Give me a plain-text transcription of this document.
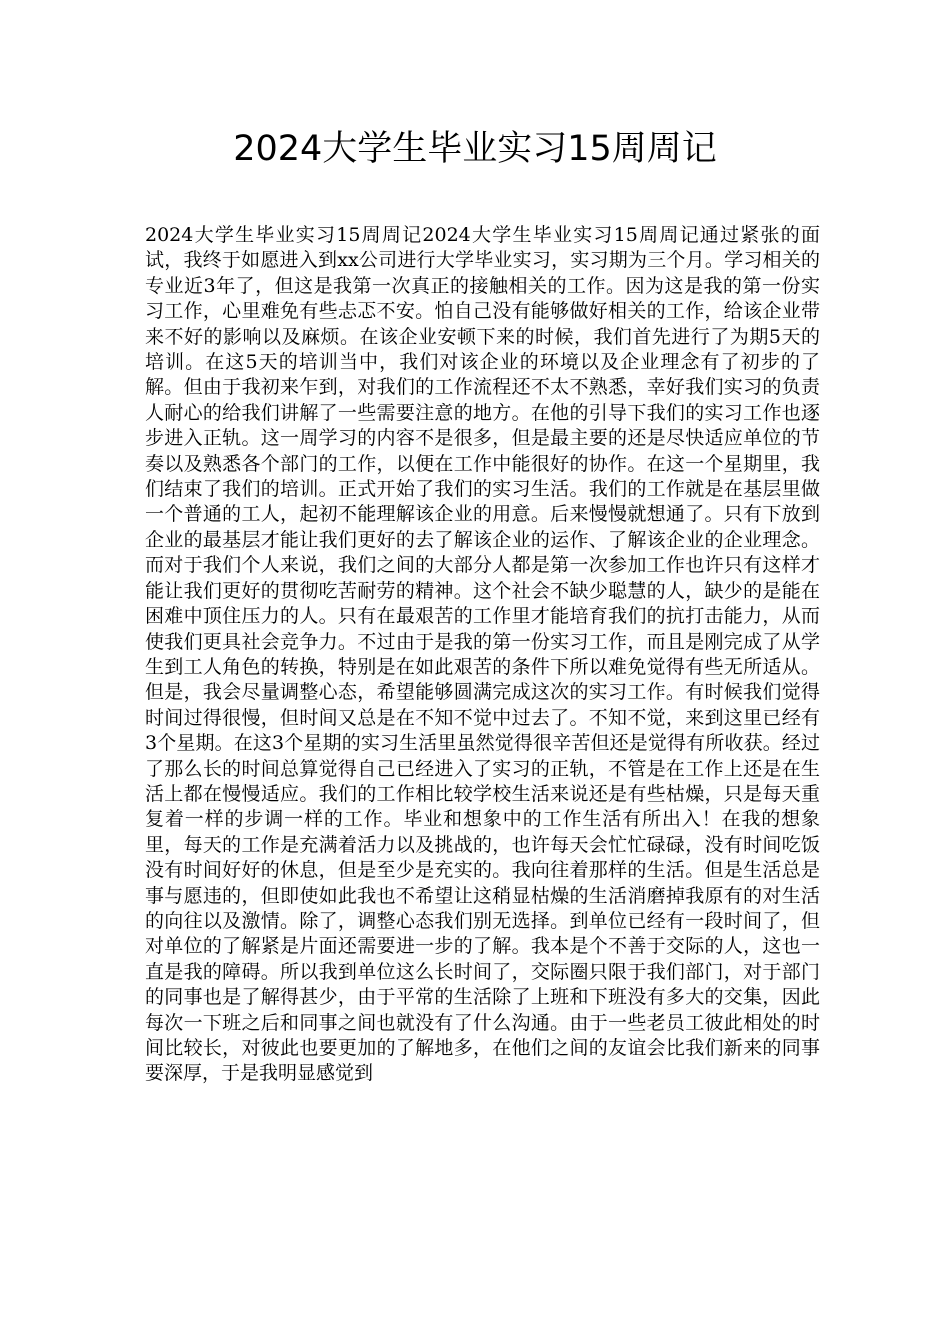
2024大学生毕业实习15周周记

2024大学生毕业实习15周周记2024大学生毕业实习15周周记通过紧张的面试，我终于如愿进入到xx公司进行大学毕业实习，实习期为三个月。学习相关的专业近3年了，但这是我第一次真正的接触相关的工作。因为这是我的第一份实习工作，心里难免有些忐忑不安。怕自己没有能够做好相关的工作，给该企业带来不好的影响以及麻烦。在该企业安顿下来的时候，我们首先进行了为期5天的培训。在这5天的培训当中，我们对该企业的环境以及企业理念有了初步的了解。但由于我初来乍到，对我们的工作流程还不太不熟悉，幸好我们实习的负责人耐心的给我们讲解了一些需要注意的地方。在他的引导下我们的实习工作也逐步进入正轨。这一周学习的内容不是很多，但是最主要的还是尽快适应单位的节奏以及熟悉各个部门的工作，以便在工作中能很好的协作。在这一个星期里，我们结束了我们的培训。正式开始了我们的实习生活。我们的工作就是在基层里做一个普通的工人，起初不能理解该企业的用意。后来慢慢就想通了。只有下放到企业的最基层才能让我们更好的去了解该企业的运作、了解该企业的企业理念。而对于我们个人来说，我们之间的大部分人都是第一次参加工作也许只有这样才能让我们更好的贯彻吃苦耐劳的精神。这个社会不缺少聪慧的人，缺少的是能在困难中顶住压力的人。只有在最艰苦的工作里才能培育我们的抗打击能力，从而使我们更具社会竞争力。不过由于是我的第一份实习工作，而且是刚完成了从学生到工人角色的转换，特别是在如此艰苦的条件下所以难免觉得有些无所适从。但是，我会尽量调整心态，希望能够圆满完成这次的实习工作。有时候我们觉得时间过得很慢，但时间又总是在不知不觉中过去了。不知不觉，来到这里已经有3个星期。在这3个星期的实习生活里虽然觉得很辛苦但还是觉得有所收获。经过了那么长的时间总算觉得自己已经进入了实习的正轨，不管是在工作上还是在生活上都在慢慢适应。我们的工作相比较学校生活来说还是有些枯燥，只是每天重复着一样的步调一样的工作。毕业和想象中的工作生活有所出入！在我的想象里，每天的工作是充满着活力以及挑战的，也许每天会忙忙碌碌，没有时间吃饭没有时间好好的休息，但是至少是充实的。我向往着那样的生活。但是生活总是事与愿违的，但即使如此我也不希望让这稍显枯燥的生活消磨掉我原有的对生活的向往以及激情。除了，调整心态我们别无选择。到单位已经有一段时间了，但对单位的了解紧是片面还需要进一步的了解。我本是个不善于交际的人，这也一直是我的障碍。所以我到单位这么长时间了，交际圈只限于我们部门，对于部门的同事也是了解得甚少，由于平常的生活除了上班和下班没有多大的交集，因此每次一下班之后和同事之间也就没有了什么沟通。由于一些老员工彼此相处的时间比较长，对彼此也要更加的了解地多，在他们之间的友谊会比我们新来的同事要深厚，于是我明显感觉到
